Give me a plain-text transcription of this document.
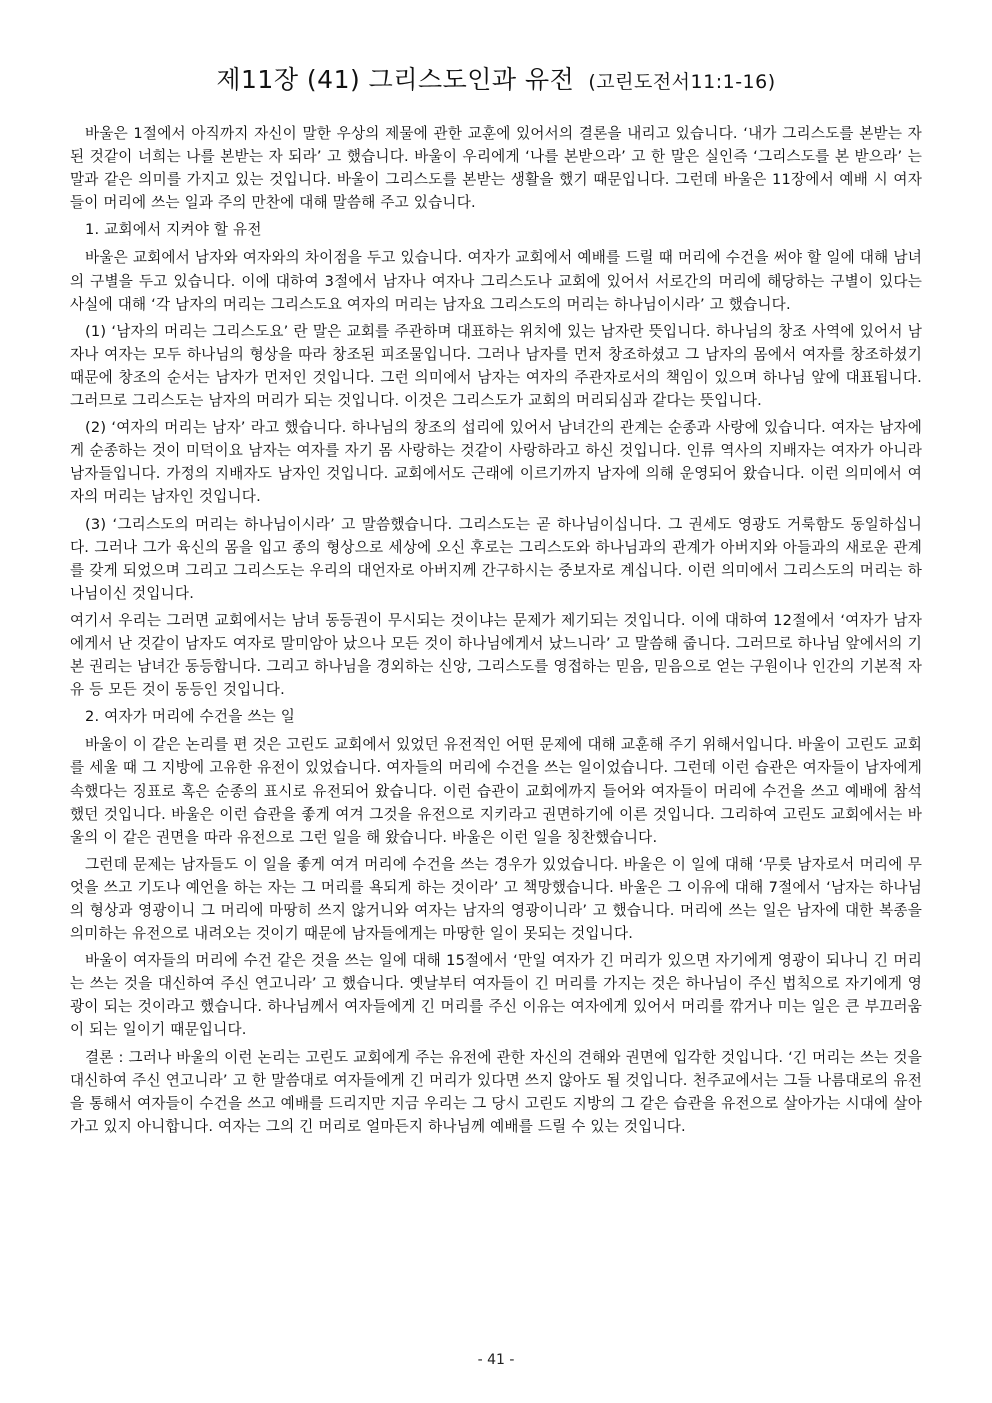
제11장 (41) 그리스도인과 유전 (고린도전서11:1-16)

바울은 1절에서 아직까지 자신이 말한 우상의 제물에 관한 교훈에 있어서의 결론을 내리고 있습니다. ‘내가 그리스도를 본받는 자 된 것같이 너희는 나를 본받는 자 되라’ 고 했습니다. 바울이 우리에게 ‘나를 본받으라’ 고 한 말은 실인즉 ‘그리스도를 본 받으라’ 는 말과 같은 의미를 가지고 있는 것입니다. 바울이 그리스도를 본받는 생활을 했기 때문입니다. 그런데 바울은 11장에서 예배 시 여자들이 머리에 쓰는 일과 주의 만찬에 대해 말씀해 주고 있습니다.

1. 교회에서 지켜야 할 유전

바울은 교회에서 남자와 여자와의 차이점을 두고 있습니다. 여자가 교회에서 예배를 드릴 때 머리에 수건을 써야 할 일에 대해 남녀의 구별을 두고 있습니다. 이에 대하여 3절에서 남자나 여자나 그리스도나 교회에 있어서 서로간의 머리에 해당하는 구별이 있다는 사실에 대해 ‘각 남자의 머리는 그리스도요 여자의 머리는 남자요 그리스도의 머리는 하나님이시라’ 고 했습니다.

(1) ‘남자의 머리는 그리스도요’ 란 말은 교회를 주관하며 대표하는 위치에 있는 남자란 뜻입니다. 하나님의 창조 사역에 있어서 남자나 여자는 모두 하나님의 형상을 따라 창조된 피조물입니다. 그러나 남자를 먼저 창조하셨고 그 남자의 몸에서 여자를 창조하셨기 때문에 창조의 순서는 남자가 먼저인 것입니다. 그런 의미에서 남자는 여자의 주관자로서의 책임이 있으며 하나님 앞에 대표됩니다. 그러므로 그리스도는 남자의 머리가 되는 것입니다. 이것은 그리스도가 교회의 머리되심과 같다는 뜻입니다.

(2) ‘여자의 머리는 남자’ 라고 했습니다. 하나님의 창조의 섭리에 있어서 남녀간의 관계는 순종과 사랑에 있습니다. 여자는 남자에게 순종하는 것이 미덕이요 남자는 여자를 자기 몸 사랑하는 것같이 사랑하라고 하신 것입니다. 인류 역사의 지배자는 여자가 아니라 남자들입니다. 가정의 지배자도 남자인 것입니다. 교회에서도 근래에 이르기까지 남자에 의해 운영되어 왔습니다. 이런 의미에서 여자의 머리는 남자인 것입니다.

(3) ‘그리스도의 머리는 하나님이시라’ 고 말씀했습니다. 그리스도는 곧 하나님이십니다. 그 권세도 영광도 거룩함도 동일하십니다. 그러나 그가 육신의 몸을 입고 종의 형상으로 세상에 오신 후로는 그리스도와 하나님과의 관계가 아버지와 아들과의 새로운 관계를 갖게 되었으며 그리고 그리스도는 우리의 대언자로 아버지께 간구하시는 중보자로 계십니다. 이런 의미에서 그리스도의 머리는 하나님이신 것입니다.

여기서 우리는 그러면 교회에서는 남녀 동등권이 무시되는 것이냐는 문제가 제기되는 것입니다. 이에 대하여 12절에서 ‘여자가 남자에게서 난 것같이 남자도 여자로 말미암아 났으나 모든 것이 하나님에게서 났느니라’ 고 말씀해 줍니다. 그러므로 하나님 앞에서의 기본 권리는 남녀간 동등합니다. 그리고 하나님을 경외하는 신앙, 그리스도를 영접하는 믿음, 믿음으로 얻는 구원이나 인간의 기본적 자유 등 모든 것이 동등인 것입니다.

2. 여자가 머리에 수건을 쓰는 일

바울이 이 같은 논리를 편 것은 고린도 교회에서 있었던 유전적인 어떤 문제에 대해 교훈해 주기 위해서입니다. 바울이 고린도 교회를 세울 때 그 지방에 고유한 유전이 있었습니다. 여자들의 머리에 수건을 쓰는 일이었습니다. 그런데 이런 습관은 여자들이 남자에게 속했다는 징표로 혹은 순종의 표시로 유전되어 왔습니다. 이런 습관이 교회에까지 들어와 여자들이 머리에 수건을 쓰고 예배에 참석했던 것입니다. 바울은 이런 습관을 좋게 여겨 그것을 유전으로 지키라고 권면하기에 이른 것입니다. 그리하여 고린도 교회에서는 바울의 이 같은 권면을 따라 유전으로 그런 일을 해 왔습니다. 바울은 이런 일을 칭찬했습니다.

그런데 문제는 남자들도 이 일을 좋게 여겨 머리에 수건을 쓰는 경우가 있었습니다. 바울은 이 일에 대해 ‘무릇 남자로서 머리에 무엇을 쓰고 기도나 예언을 하는 자는 그 머리를 욕되게 하는 것이라’ 고 책망했습니다. 바울은 그 이유에 대해 7절에서 ‘남자는 하나님의 형상과 영광이니 그 머리에 마땅히 쓰지 않거니와 여자는 남자의 영광이니라’ 고 했습니다. 머리에 쓰는 일은 남자에 대한 복종을 의미하는 유전으로 내려오는 것이기 때문에 남자들에게는 마땅한 일이 못되는 것입니다.

바울이 여자들의 머리에 수건 같은 것을 쓰는 일에 대해 15절에서 ‘만일 여자가 긴 머리가 있으면 자기에게 영광이 되나니 긴 머리는 쓰는 것을 대신하여 주신 연고니라’ 고 했습니다. 옛날부터 여자들이 긴 머리를 가지는 것은 하나님이 주신 법칙으로 자기에게 영광이 되는 것이라고 했습니다. 하나님께서 여자들에게 긴 머리를 주신 이유는 여자에게 있어서 머리를 깎거나 미는 일은 큰 부끄러움이 되는 일이기 때문입니다.

결론 : 그러나 바울의 이런 논리는 고린도 교회에게 주는 유전에 관한 자신의 견해와 권면에 입각한 것입니다. ‘긴 머리는 쓰는 것을 대신하여 주신 연고니라’ 고 한 말씀대로 여자들에게 긴 머리가 있다면 쓰지 않아도 될 것입니다. 천주교에서는 그들 나름대로의 유전을 통해서 여자들이 수건을 쓰고 예배를 드리지만 지금 우리는 그 당시 고린도 지방의 그 같은 습관을 유전으로 살아가는 시대에 살아가고 있지 아니합니다. 여자는 그의 긴 머리로 얼마든지 하나님께 예배를 드릴 수 있는 것입니다.

- 41 -
